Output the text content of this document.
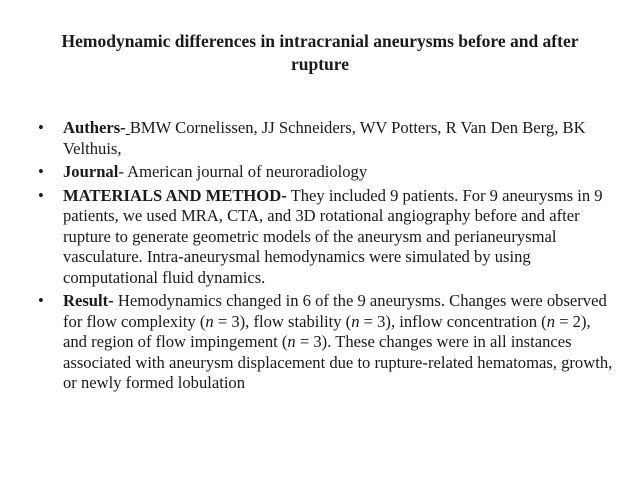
Hemodynamic differences in intracranial aneurysms before and after rupture
• Authers- BMW Cornelissen, JJ Schneiders, WV Potters, R Van Den Berg, BK Velthuis,
• Journal- American journal of neuroradiology
• MATERIALS AND METHOD- They included 9 patients. For 9 aneurysms in 9 patients, we used MRA, CTA, and 3D rotational angiography before and after rupture to generate geometric models of the aneurysm and perianeurysmal vasculature. Intra-aneurysmal hemodynamics were simulated by using computational fluid dynamics.
• Result- Hemodynamics changed in 6 of the 9 aneurysms. Changes were observed for flow complexity (n = 3), flow stability (n = 3), inflow concentration (n = 2), and region of flow impingement (n = 3). These changes were in all instances associated with aneurysm displacement due to rupture-related hematomas, growth, or newly formed lobulation
